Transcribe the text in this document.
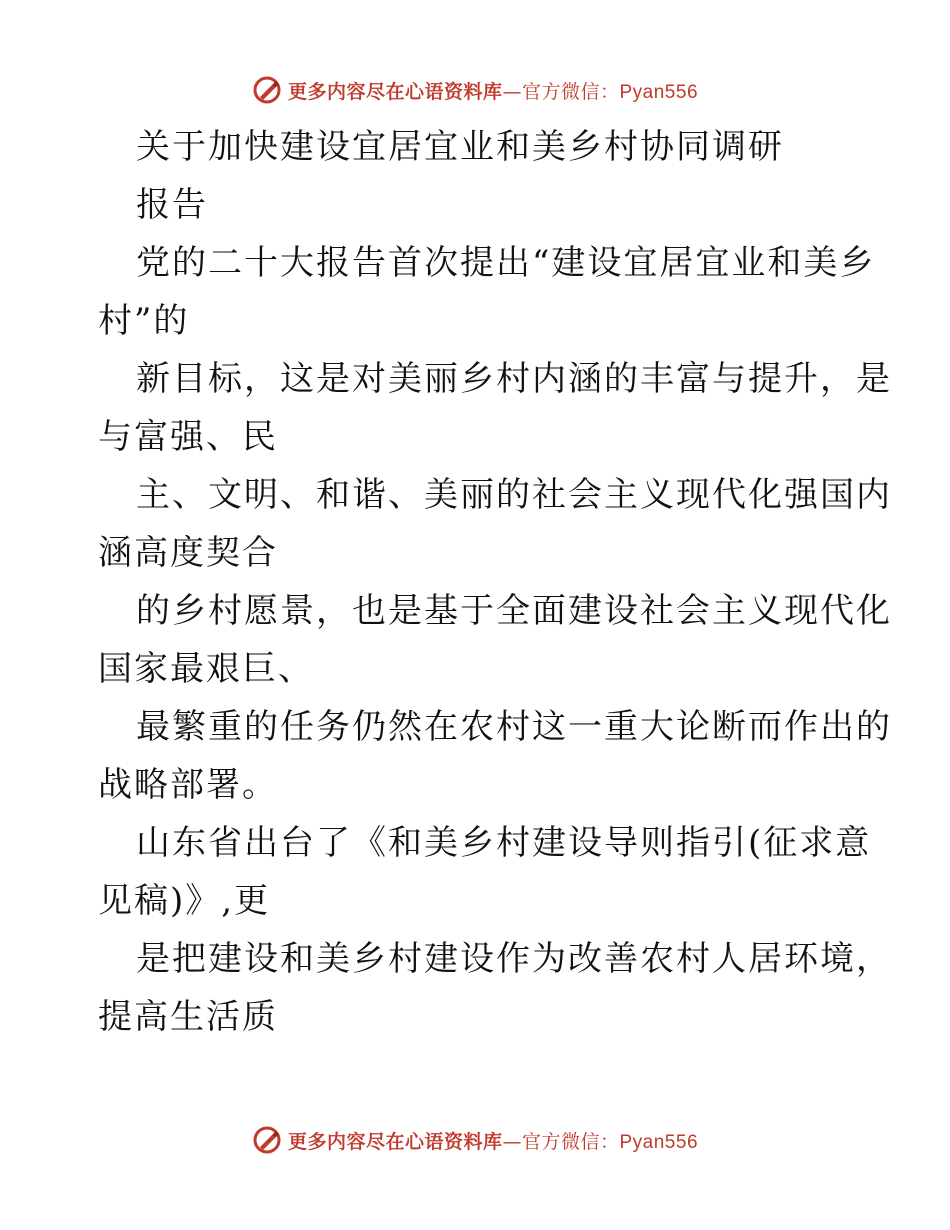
更多内容尽在心语资料库—官方微信：Pyan556
关于加快建设宜居宜业和美乡村协同调研
报告
党的二十大报告首次提出“建设宜居宜业和美乡
村”的
新目标，这是对美丽乡村内涵的丰富与提升，是
与富强、民
主、文明、和谐、美丽的社会主义现代化强国内
涵高度契合
的乡村愿景，也是基于全面建设社会主义现代化
国家最艰巨、
最繁重的任务仍然在农村这一重大论断而作出的
战略部署。
山东省出台了《和美乡村建设导则指引(征求意
见稿)》,更
是把建设和美乡村建设作为改善农村人居环境，
提高生活质
更多内容尽在心语资料库—官方微信：Pyan556
